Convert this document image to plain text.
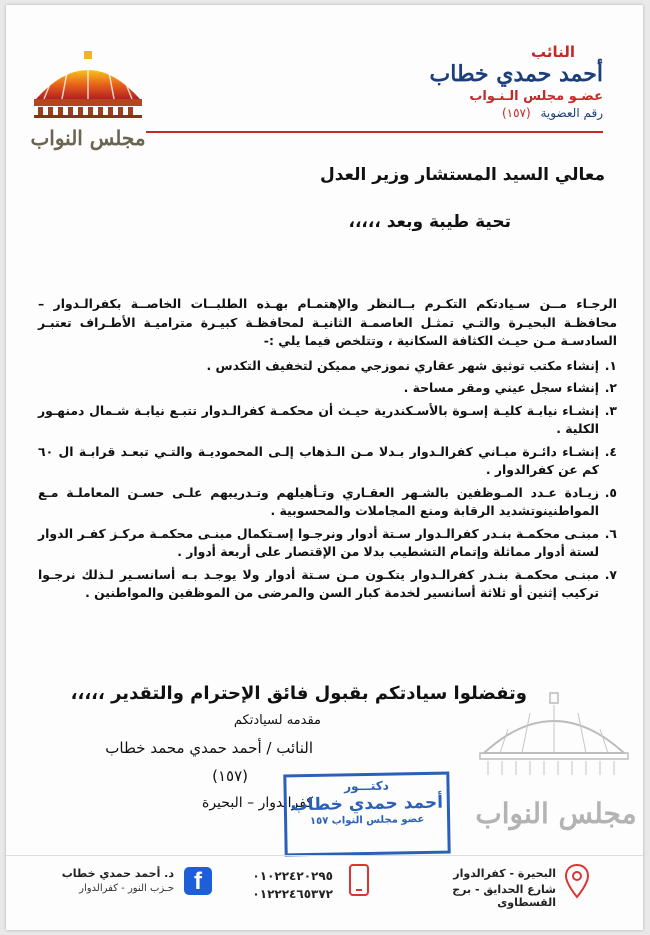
مجلس النواب
النائب
أحمد حمدي خطاب
عضـو مجلس الـنـواب
رقم العضوية (١٥٧)
معالي السيد المستشار وزير العدل
تحية طيبة وبعد ،،،،،

الرجـاء مــن سـيادتكم التكـرم بــالنظر والإهتمـام بهـذه الطلبــات الخاصــة بكفرالـدوار – محافظـة البحيـرة والتـي تمثـل العاصمـة الثانيـة لمحافظـة كبيـرة متراميـة الأطـراف تعتبـر السادسـة مـن حيـث الكثافة السكانية ، وتتلخص فيما يلي :-

١.
إنشاء مكتب توثيق شهر عقاري نموزجي مميكن لتخفيف التكدس .
٢.
إنشاء سجل عيني ومقر مساحة .
٣.
إنشـاء نيابـة كليـة إسـوة بالأسـكندرية حيـث أن محكمـة كفرالـدوار تتبـع نيابـة شـمال دمنهـور الكلية .
٤.
إنشـاء دائـرة مبـاني كفرالـدوار بـدلا مـن الـذهاب إلـى المحموديـة والتـي تبعـد قرابـة ال ٦٠ كم عن كفرالدوار .
٥.
زيـادة عـدد المـوظفين بالشـهر العقـاري وتـأهيلهم وتـدريبهم علـى حسـن المعاملـة مـع المواطنينوتشديد الرقابة ومنع المجاملات والمحسوبية .
٦.
مبنـى محكمـة بنـدر كفرالـدوار سـتة أدوار ونرجـوا إسـتكمال مبنـى محكمـة مركـز كفـر الدوار لستة أدوار مماثلة وإتمام التشطيب بدلا من الإقتصار على أربعة أدوار .
٧.
مبنـى محكمـة بنـدر كفرالـدوار يتكـون مـن سـتة أدوار ولا يوجـد بـه أسانسـير لـذلك نرجـوا تركيب إثنين أو ثلاثة أسانسير لخدمة كبار السن والمرضى من الموظفين والمواطنين .
وتفضلوا سيادتكم بقبول فائق الإحترام والتقدير ،،،،،
مقدمه لسيادتكم
النائب / أحمد حمدي محمد خطاب
(١٥٧)
كفرالدوار – البحيرة	مجلس النواب
دكتـــور
أحمد حمدي خطاب
عضو مجلس النواب ١٥٧
د. أحمد حمدي خطاب
حـزب النور - كفرالدوار f	٠١٠٢٢٤٢٠٢٩٥
٠١٢٢٢٤٦٥٣٧٢
البحيرة - كفرالدوار
شارع الحدايق - برج القسطاوى
